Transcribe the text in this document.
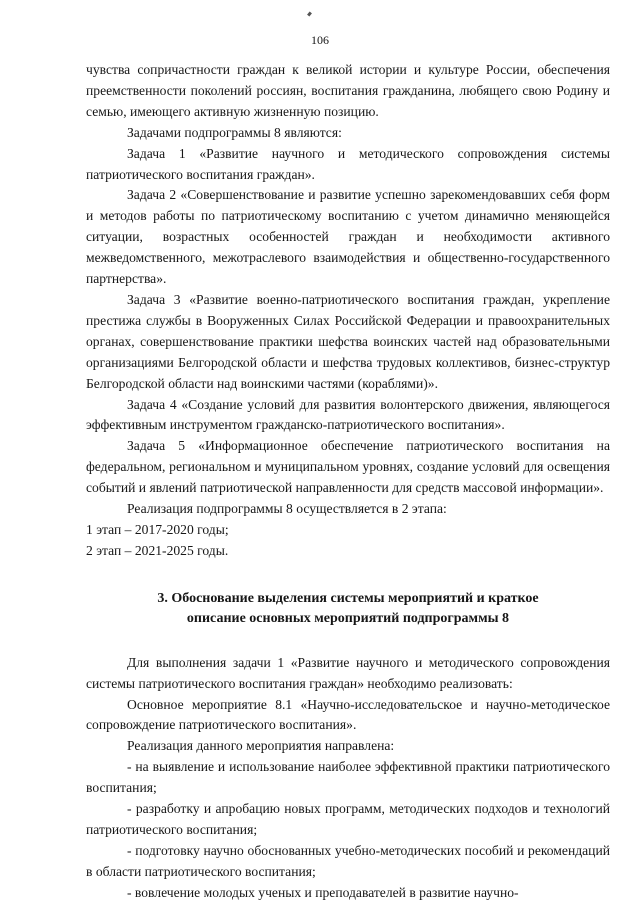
106

чувства сопричастности граждан к великой истории и культуре России, обеспечения преемственности поколений россиян, воспитания гражданина, любящего свою Родину и семью, имеющего активную жизненную позицию.

Задачами подпрограммы 8 являются:

Задача 1 «Развитие научного и методического сопровождения системы патриотического воспитания граждан».

Задача 2 «Совершенствование и развитие успешно зарекомендовавших себя форм и методов работы по патриотическому воспитанию с учетом динамично меняющейся ситуации, возрастных особенностей граждан и необходимости активного межведомственного, межотраслевого взаимодействия и общественно-государственного партнерства».

Задача 3 «Развитие военно-патриотического воспитания граждан, укрепление престижа службы в Вооруженных Силах Российской Федерации и правоохранительных органах, совершенствование практики шефства воинских частей над образовательными организациями Белгородской области и шефства трудовых коллективов, бизнес-структур Белгородской области над воинскими частями (кораблями)».

Задача 4 «Создание условий для развития волонтерского движения, являющегося эффективным инструментом гражданско-патриотического воспитания».

Задача 5 «Информационное обеспечение патриотического воспитания на федеральном, региональном и муниципальном уровнях, создание условий для освещения событий и явлений патриотической направленности для средств массовой информации».

Реализация подпрограммы 8 осуществляется в 2 этапа:

1 этап – 2017-2020 годы;

2 этап – 2021-2025 годы.

3. Обоснование выделения системы мероприятий и краткое
описание основных мероприятий подпрограммы 8

Для выполнения задачи 1 «Развитие научного и методического сопровождения системы патриотического воспитания граждан» необходимо реализовать:

Основное мероприятие 8.1 «Научно-исследовательское и научно-методическое сопровождение патриотического воспитания».

Реализация данного мероприятия направлена:

- на выявление и использование наиболее эффективной практики патриотического воспитания;

- разработку и апробацию новых программ, методических подходов и технологий патриотического воспитания;

- подготовку научно обоснованных учебно-методических пособий и рекомендаций в области патриотического воспитания;

- вовлечение молодых ученых и преподавателей в развитие научно-
